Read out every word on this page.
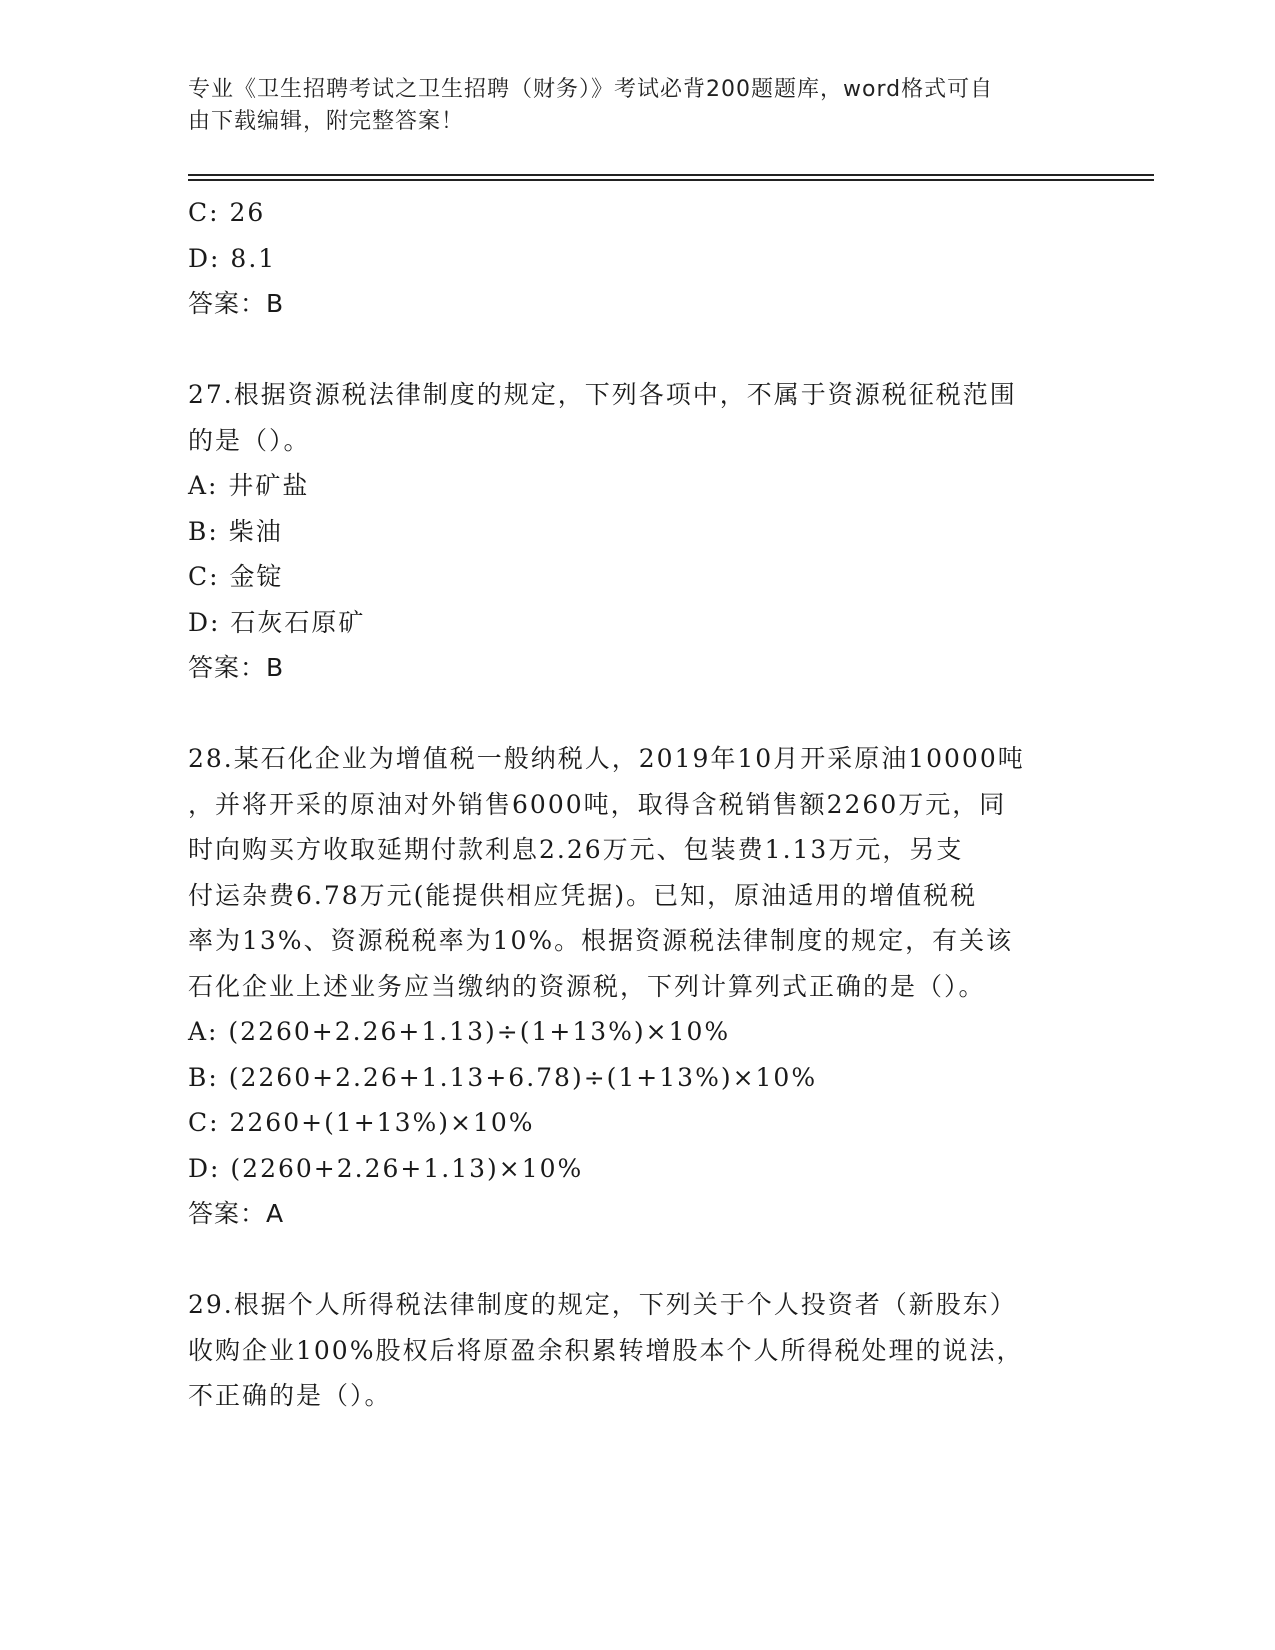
专业《卫生招聘考试之卫生招聘（财务）》考试必背200题题库，word格式可自
由下载编辑，附完整答案！
C: 26
D: 8.1
答案：B
27.根据资源税法律制度的规定，下列各项中，不属于资源税征税范围
的是（）。
A: 井矿盐
B: 柴油
C: 金锭
D: 石灰石原矿
答案：B
28.某石化企业为增值税一般纳税人，2019年10月开采原油10000吨
，并将开采的原油对外销售6000吨，取得含税销售额2260万元，同
时向购买方收取延期付款利息2.26万元、包装费1.13万元，另支
付运杂费6.78万元(能提供相应凭据)。已知，原油适用的增值税税
率为13%、资源税税率为10%。根据资源税法律制度的规定，有关该
石化企业上述业务应当缴纳的资源税，下列计算列式正确的是（）。
A: (2260+2.26+1.13)÷(1+13%)×10%
B: (2260+2.26+1.13+6.78)÷(1+13%)×10%
C: 2260+(1+13%)×10%
D: (2260+2.26+1.13)×10%
答案：A
29.根据个人所得税法律制度的规定，下列关于个人投资者（新股东）
收购企业100%股权后将原盈余积累转增股本个人所得税处理的说法，
不正确的是（）。
